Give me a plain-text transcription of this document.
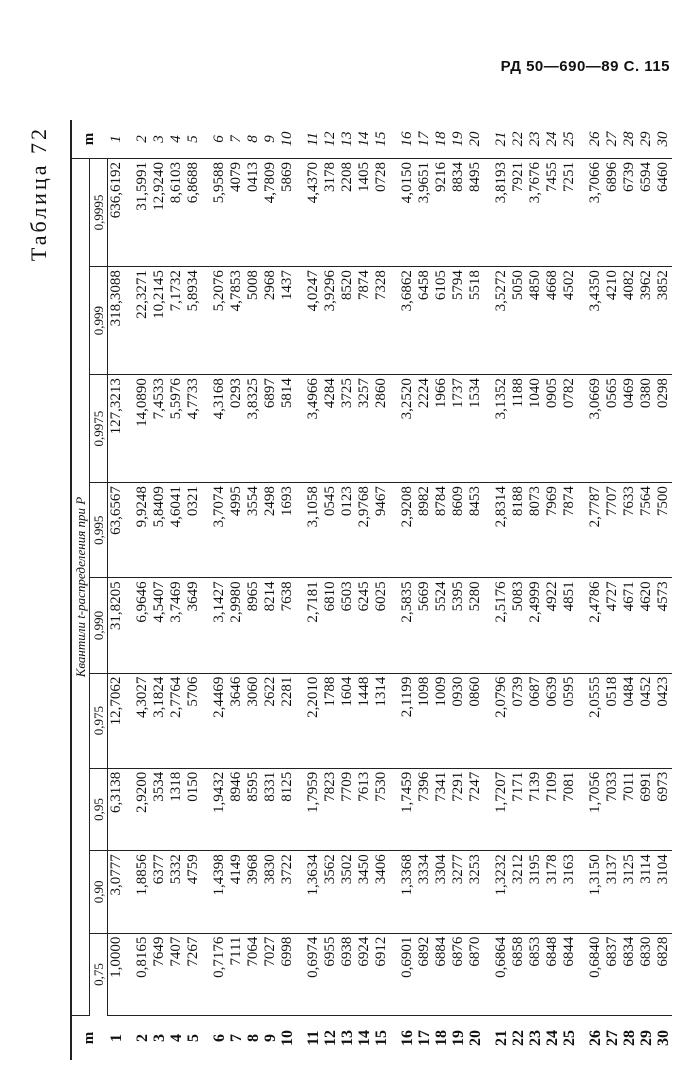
РД 50—690—89 С. 115
Таблица 72
m	Квантили t-распределения при P									m
	0,75	0,90	0,95	0,975	0,990	0,995	0,9975	0,999	0,9995	
1	1,0000	3,0777	6,3138	12,7062	31,8205	63,6567	127,3213	318,3088	636,6192	1
2	0,8165	1,8856	2,9200	4,3027	6,9646	9,9248	14,0890	22,3271	31,5991	2
3	7649	6377	3534	3,1824	4,5407	5,8409	7,4533	10,2145	12,9240	3
4	7407	5332	1318	2,7764	3,7469	4,6041	5,5976	7,1732	8,6103	4
5	7267	4759	0150	5706	3649	0321	4,7733	5,8934	6,8688	5
6	0,7176	1,4398	1,9432	2,4469	3,1427	3,7074	4,3168	5,2076	5,9588	6
7	7111	4149	8946	3646	2,9980	4995	0293	4,7853	4079	7
8	7064	3968	8595	3060	8965	3554	3,8325	5008	0413	8
9	7027	3830	8331	2622	8214	2498	6897	2968	4,7809	9
10	6998	3722	8125	2281	7638	1693	5814	1437	5869	10
11	0,6974	1,3634	1,7959	2,2010	2,7181	3,1058	3,4966	4,0247	4,4370	11
12	6955	3562	7823	1788	6810	0545	4284	3,9296	3178	12
13	6938	3502	7709	1604	6503	0123	3725	8520	2208	13
14	6924	3450	7613	1448	6245	2,9768	3257	7874	1405	14
15	6912	3406	7530	1314	6025	9467	2860	7328	0728	15
16	0,6901	1,3368	1,7459	2,1199	2,5835	2,9208	3,2520	3,6862	4,0150	16
17	6892	3334	7396	1098	5669	8982	2224	6458	3,9651	17
18	6884	3304	7341	1009	5524	8784	1966	6105	9216	18
19	6876	3277	7291	0930	5395	8609	1737	5794	8834	19
20	6870	3253	7247	0860	5280	8453	1534	5518	8495	20
21	0,6864	1,3232	1,7207	2,0796	2,5176	2,8314	3,1352	3,5272	3,8193	21
22	6858	3212	7171	0739	5083	8188	1188	5050	7921	22
23	6853	3195	7139	0687	2,4999	8073	1040	4850	3,7676	23
24	6848	3178	7109	0639	4922	7969	0905	4668	7455	24
25	6844	3163	7081	0595	4851	7874	0782	4502	7251	25
26	0,6840	1,3150	1,7056	2,0555	2,4786	2,7787	3,0669	3,4350	3,7066	26
27	6837	3137	7033	0518	4727	7707	0565	4210	6896	27
28	6834	3125	7011	0484	4671	7633	0469	4082	6739	28
29	6830	3114	6991	0452	4620	7564	0380	3962	6594	29
30	6828	3104	6973	0423	4573	7500	0298	3852	6460	30
